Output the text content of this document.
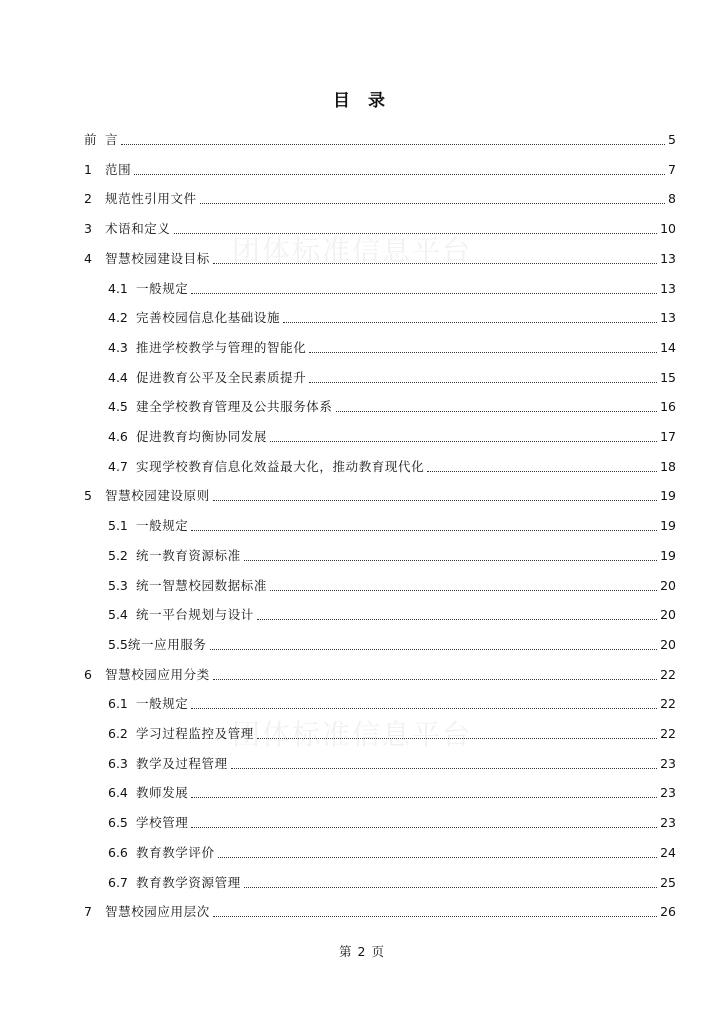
团体标准信息平台
团体标准信息平台
目 录
前 言	5
1	范围	7
2	规范性引用文件	8
3	术语和定义	10
4	智慧校园建设目标	13
4.1 一般规定	13
4.2 完善校园信息化基础设施	13
4.3 推进学校教学与管理的智能化	14
4.4 促进教育公平及全民素质提升	15
4.5 建全学校教育管理及公共服务体系	16
4.6 促进教育均衡协同发展	17
4.7 实现学校教育信息化效益最大化，推动教育现代化	18
5	智慧校园建设原则	19
5.1 一般规定	19
5.2 统一教育资源标准	19
5.3 统一智慧校园数据标准	20
5.4 统一平台规划与设计	20
5.5 统一应用服务	20
6	智慧校园应用分类	22
6.1 一般规定	22
6.2 学习过程监控及管理	22
6.3 教学及过程管理	23
6.4 教师发展	23
6.5 学校管理	23
6.6 教育教学评价	24
6.7 教育教学资源管理	25
7	智慧校园应用层次	26
第 2 页
